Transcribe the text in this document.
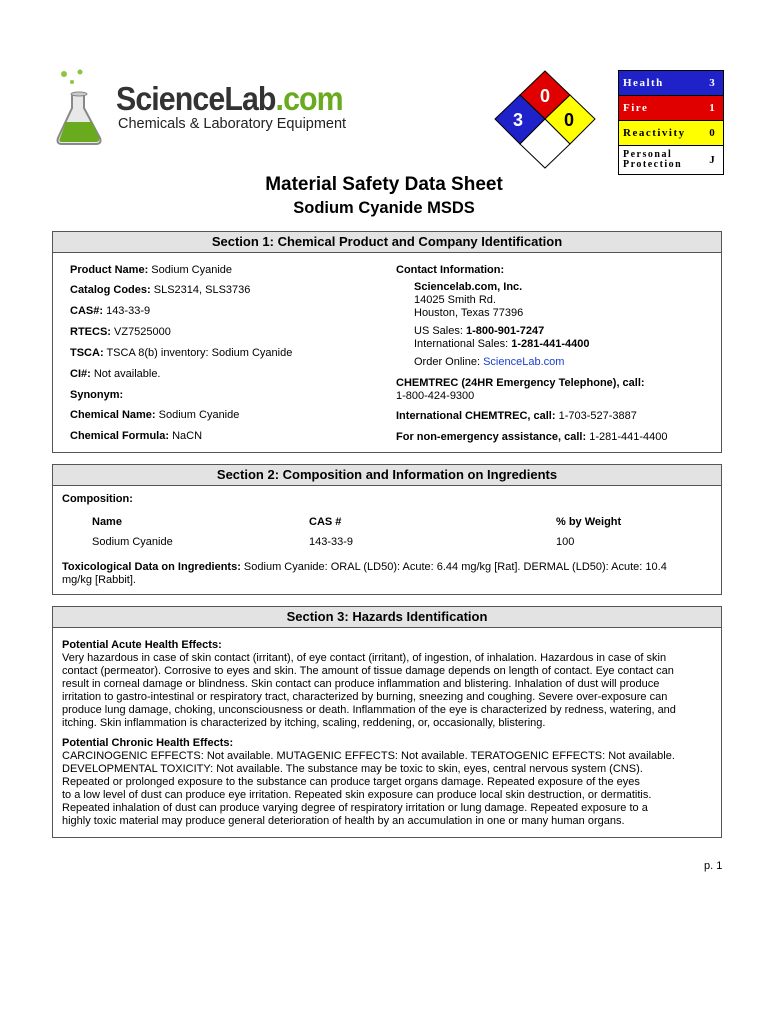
ScienceLab.com
Chemicals & Laboratory Equipment
0
3 0
Health	3
Fire	1
Reactivity	0
Personal Protection	J
Material Safety Data Sheet
Sodium Cyanide MSDS
Section 1: Chemical Product and Company Identification
Product Name: Sodium Cyanide
Catalog Codes: SLS2314, SLS3736
CAS#: 143-33-9
RTECS: VZ7525000
TSCA: TSCA 8(b) inventory: Sodium Cyanide
CI#: Not available.
Synonym:
Chemical Name: Sodium Cyanide
Chemical Formula: NaCN
Contact Information:
Sciencelab.com, Inc.
14025 Smith Rd.
Houston, Texas 77396
US Sales: 1-800-901-7247
International Sales: 1-281-441-4400
Order Online: ScienceLab.com
CHEMTREC (24HR Emergency Telephone), call:
1-800-424-9300
International CHEMTREC, call: 1-703-527-3887
For non-emergency assistance, call: 1-281-441-4400
Section 2: Composition and Information on Ingredients
Composition:
Name	CAS #	% by Weight
Sodium Cyanide	143-33-9	100
Toxicological Data on Ingredients: Sodium Cyanide: ORAL (LD50): Acute: 6.44 mg/kg [Rat]. DERMAL (LD50): Acute: 10.4
mg/kg [Rabbit].
Section 3: Hazards Identification
Potential Acute Health Effects:
Very hazardous in case of skin contact (irritant), of eye contact (irritant), of ingestion, of inhalation. Hazardous in case of skin
contact (permeator). Corrosive to eyes and skin. The amount of tissue damage depends on length of contact. Eye contact can
result in corneal damage or blindness. Skin contact can produce inflammation and blistering. Inhalation of dust will produce
irritation to gastro-intestinal or respiratory tract, characterized by burning, sneezing and coughing. Severe over-exposure can
produce lung damage, choking, unconsciousness or death. Inflammation of the eye is characterized by redness, watering, and
itching. Skin inflammation is characterized by itching, scaling, reddening, or, occasionally, blistering.
Potential Chronic Health Effects:
CARCINOGENIC EFFECTS: Not available. MUTAGENIC EFFECTS: Not available. TERATOGENIC EFFECTS: Not available.
DEVELOPMENTAL TOXICITY: Not available. The substance may be toxic to skin, eyes, central nervous system (CNS).
Repeated or prolonged exposure to the substance can produce target organs damage. Repeated exposure of the eyes
to a low level of dust can produce eye irritation. Repeated skin exposure can produce local skin destruction, or dermatitis.
Repeated inhalation of dust can produce varying degree of respiratory irritation or lung damage. Repeated exposure to a
highly toxic material may produce general deterioration of health by an accumulation in one or many human organs.
p. 1
